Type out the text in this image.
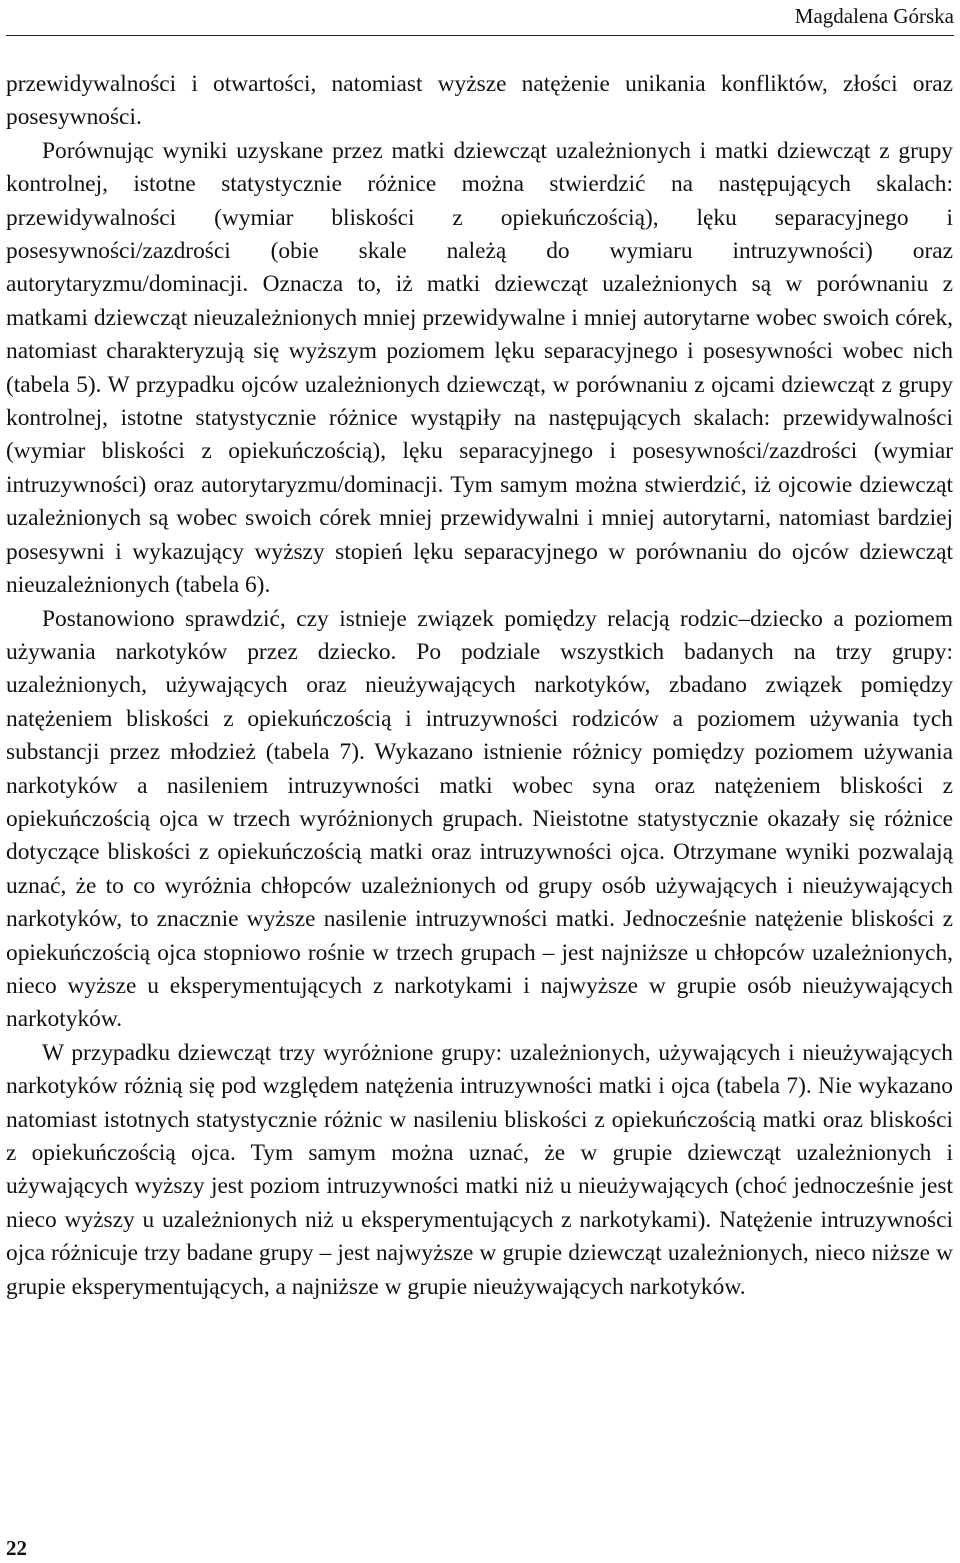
Magdalena Górska

przewidywalności i otwartości, natomiast wyższe natężenie unikania konfliktów, złości oraz posesywności.

Porównując wyniki uzyskane przez matki dziewcząt uzależnionych i matki dziewcząt z grupy kontrolnej, istotne statystycznie różnice można stwierdzić na następujących skalach: przewidywalności (wymiar bliskości z opiekuńczością), lęku separacyjnego i posesywności/zazdrości (obie skale należą do wymiaru intruzywności) oraz autorytaryzmu/dominacji. Oznacza to, iż matki dziewcząt uzależnionych są w porównaniu z matkami dziewcząt nieuzależnionych mniej przewidywalne i mniej autorytarne wobec swoich córek, natomiast charakteryzują się wyższym poziomem lęku separacyjnego i posesywności wobec nich (tabela 5). W przypadku ojców uzależnionych dziewcząt, w porównaniu z ojcami dziewcząt z grupy kontrolnej, istotne statystycznie różnice wystąpiły na następujących skalach: przewidywalności (wymiar bliskości z opiekuńczością), lęku separacyjnego i posesywności/zazdrości (wymiar intruzywności) oraz autorytaryzmu/dominacji. Tym samym można stwierdzić, iż ojcowie dziewcząt uzależnionych są wobec swoich córek mniej przewidywalni i mniej autorytarni, natomiast bardziej posesywni i wykazujący wyższy stopień lęku separacyjnego w porównaniu do ojców dziewcząt nieuzależnionych (tabela 6).

Postanowiono sprawdzić, czy istnieje związek pomiędzy relacją rodzic–dziecko a poziomem używania narkotyków przez dziecko. Po podziale wszystkich badanych na trzy grupy: uzależnionych, używających oraz nieużywających narkotyków, zbadano związek pomiędzy natężeniem bliskości z opiekuńczością i intruzywności rodziców a poziomem używania tych substancji przez młodzież (tabela 7). Wykazano istnienie różnicy pomiędzy poziomem używania narkotyków a nasileniem intruzywności matki wobec syna oraz natężeniem bliskości z opiekuńczością ojca w trzech wyróżnionych grupach. Nieistotne statystycznie okazały się różnice dotyczące bliskości z opiekuńczością matki oraz intruzywności ojca. Otrzymane wyniki pozwalają uznać, że to co wyróżnia chłopców uzależnionych od grupy osób używających i nieużywających narkotyków, to znacznie wyższe nasilenie intruzywności matki. Jednocześnie natężenie bliskości z opiekuńczością ojca stopniowo rośnie w trzech grupach – jest najniższe u chłopców uzależnionych, nieco wyższe u eksperymentujących z narkotykami i najwyższe w grupie osób nieużywających narkotyków.

W przypadku dziewcząt trzy wyróżnione grupy: uzależnionych, używających i nieużywających narkotyków różnią się pod względem natężenia intruzywności matki i ojca (tabela 7). Nie wykazano natomiast istotnych statystycznie różnic w nasileniu bliskości z opiekuńczością matki oraz bliskości z opiekuńczością ojca. Tym samym można uznać, że w grupie dziewcząt uzależnionych i używających wyższy jest poziom intruzywności matki niż u nieużywających (choć jednocześnie jest nieco wyższy u uzależnionych niż u eksperymentujących z narkotykami). Natężenie intruzywności ojca różnicuje trzy badane grupy – jest najwyższe w grupie dziewcząt uzależnionych, nieco niższe w grupie eksperymentujących, a najniższe w grupie nieużywających narkotyków.

22
